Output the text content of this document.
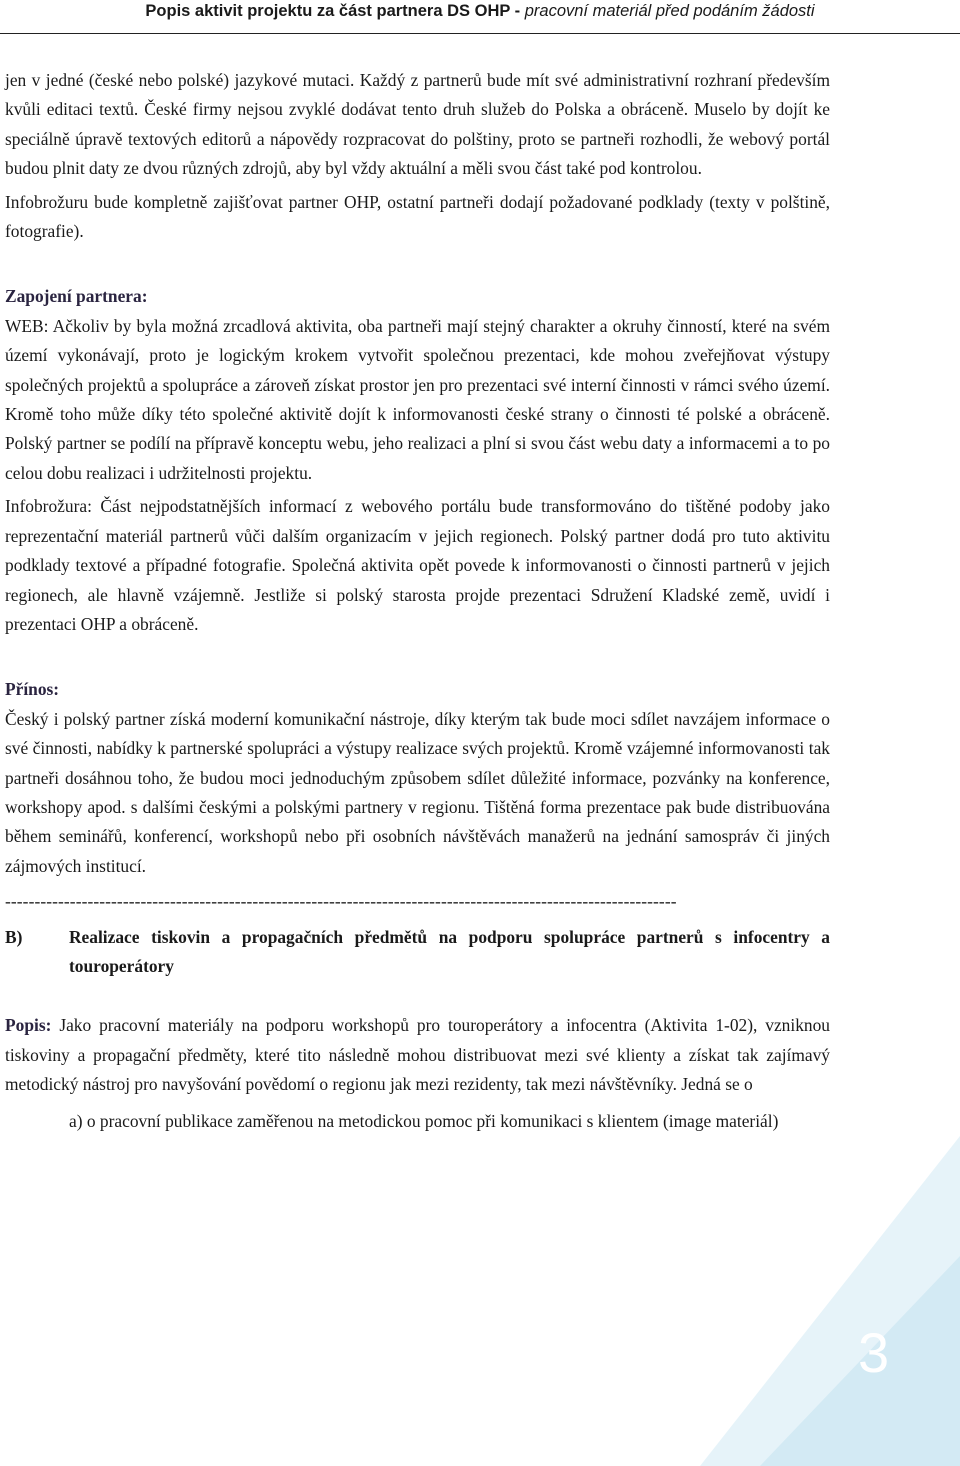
Popis aktivit projektu za část partnera DS OHP - pracovní materiál před podáním žádosti

jen v jedné (české nebo polské) jazykové mutaci. Každý z partnerů bude mít své administrativní rozhraní především kvůli editaci textů. České firmy nejsou zvyklé dodávat tento druh služeb do Polska a obráceně. Muselo by dojít ke speciálně úpravě textových editorů a nápovědy rozpracovat do polštiny, proto se partneři rozhodli, že webový portál budou plnit daty ze dvou různých zdrojů, aby byl vždy aktuální a měli svou část také pod kontrolou.

Infobrožuru bude kompletně zajišťovat partner OHP, ostatní partneři dodají požadované podklady (texty v polštině, fotografie).

Zapojení partnera:

WEB: Ačkoliv by byla možná zrcadlová aktivita, oba partneři mají stejný charakter a okruhy činností, které na svém území vykonávají, proto je logickým krokem vytvořit společnou prezentaci, kde mohou zveřejňovat výstupy společných projektů a spolupráce a zároveň získat prostor jen pro prezentaci své interní činnosti v rámci svého území. Kromě toho může díky této společné aktivitě dojít k informovanosti české strany o činnosti té polské a obráceně. Polský partner se podílí na přípravě konceptu webu, jeho realizaci a plní si svou část webu daty a informacemi a to po celou dobu realizaci i udržitelnosti projektu.

Infobrožura: Část nejpodstatnějších informací z webového portálu bude transformováno do tištěné podoby jako reprezentační materiál partnerů vůči dalším organizacím v jejich regionech. Polský partner dodá pro tuto aktivitu podklady textové a případné fotografie. Společná aktivita opět povede k informovanosti o činnosti partnerů v jejich regionech, ale hlavně vzájemně. Jestliže si polský starosta projde prezentaci Sdružení Kladské země, uvidí i prezentaci OHP a obráceně.

Přínos:

Český i polský partner získá moderní komunikační nástroje, díky kterým tak bude moci sdílet navzájem informace o své činnosti, nabídky k partnerské spolupráci a výstupy realizace svých projektů. Kromě vzájemné informovanosti tak partneři dosáhnou toho, že budou moci jednoduchým způsobem sdílet důležité informace, pozvánky na konference, workshopy apod. s dalšími českými a polskými partnery v regionu. Tištěná forma prezentace pak bude distribuována během seminářů, konferencí, workshopů nebo při osobních návštěvách manažerů na jednání samospráv či jiných zájmových institucí.

------------------------------------------------------------------------------------------------------------------
B)	Realizace tiskovin a propagačních předmětů na podporu spolupráce partnerů s infocentry a touroperátory

Popis: Jako pracovní materiály na podporu workshopů pro touroperátory a infocentra (Aktivita 1-02), vzniknou tiskoviny a propagační předměty, které tito následně mohou distribuovat mezi své klienty a získat tak zajímavý metodický nástroj pro navyšování povědomí o regionu jak mezi rezidenty, tak mezi návštěvníky. Jedná se o

a) o pracovní publikace zaměřenou na metodickou pomoc při komunikaci s klientem (image materiál)

3
